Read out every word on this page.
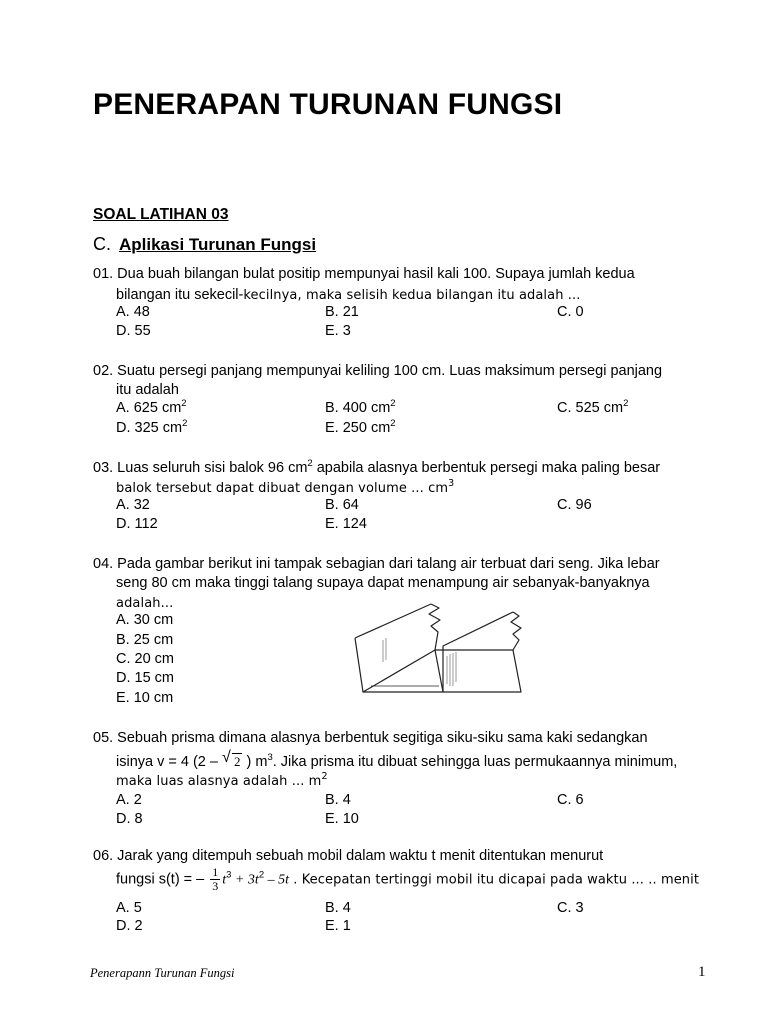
PENERAPAN TURUNAN FUNGSI
SOAL LATIHAN 03
C. Aplikasi Turunan Fungsi
01. Dua buah bilangan bulat positip mempunyai hasil kali 100. Supaya jumlah kedua
bilangan itu sekecil-kecilnya, maka selisih kedua bilangan itu adalah ...
A. 48	B. 21	C. 0
D. 55	E. 3
02. Suatu persegi panjang mempunyai keliling 100 cm. Luas maksimum persegi panjang
itu adalah
A. 625 $cm^2$	B. 400 $cm^2$	C. 525 $cm^2$
D. 325 $cm^2$	E. 250 $cm^2$
03. Luas seluruh sisi balok 96 $cm^2$ apabila alasnya berbentuk persegi maka paling besar
balok tersebut dapat dibuat dengan volume ... $cm^3$
A. 32	B. 64	C. 96
D. 112	E. 124
04. Pada gambar berikut ini tampak sebagian dari talang air terbuat dari seng. Jika lebar
seng 80 cm maka tinggi talang supaya dapat menampung air sebanyak-banyaknya
adalah...
A. 30 cm
B. 25 cm
C. 20 cm
D. 15 cm
E. 10 cm
05. Sebuah prisma dimana alasnya berbentuk segitiga siku-siku sama kaki sedangkan
isinya v = 4 (2 – √ 2 ) $m^3$. Jika prisma itu dibuat sehingga luas permukaannya minimum,
maka luas alasnya adalah ... $m^2$
A. 2	B. 4	C. 6
D. 8	E. 10
06. Jarak yang ditempuh sebuah mobil dalam waktu t menit ditentukan menurut
fungsi s(t) = – $\frac{1}{3} t^3 + 3t^2 - 5t$ . Kecepatan tertinggi mobil itu dicapai pada waktu ... .. menit
A. 5	B. 4	C. 3
D. 2	E. 1
Penerapann Turunan Fungsi	1
